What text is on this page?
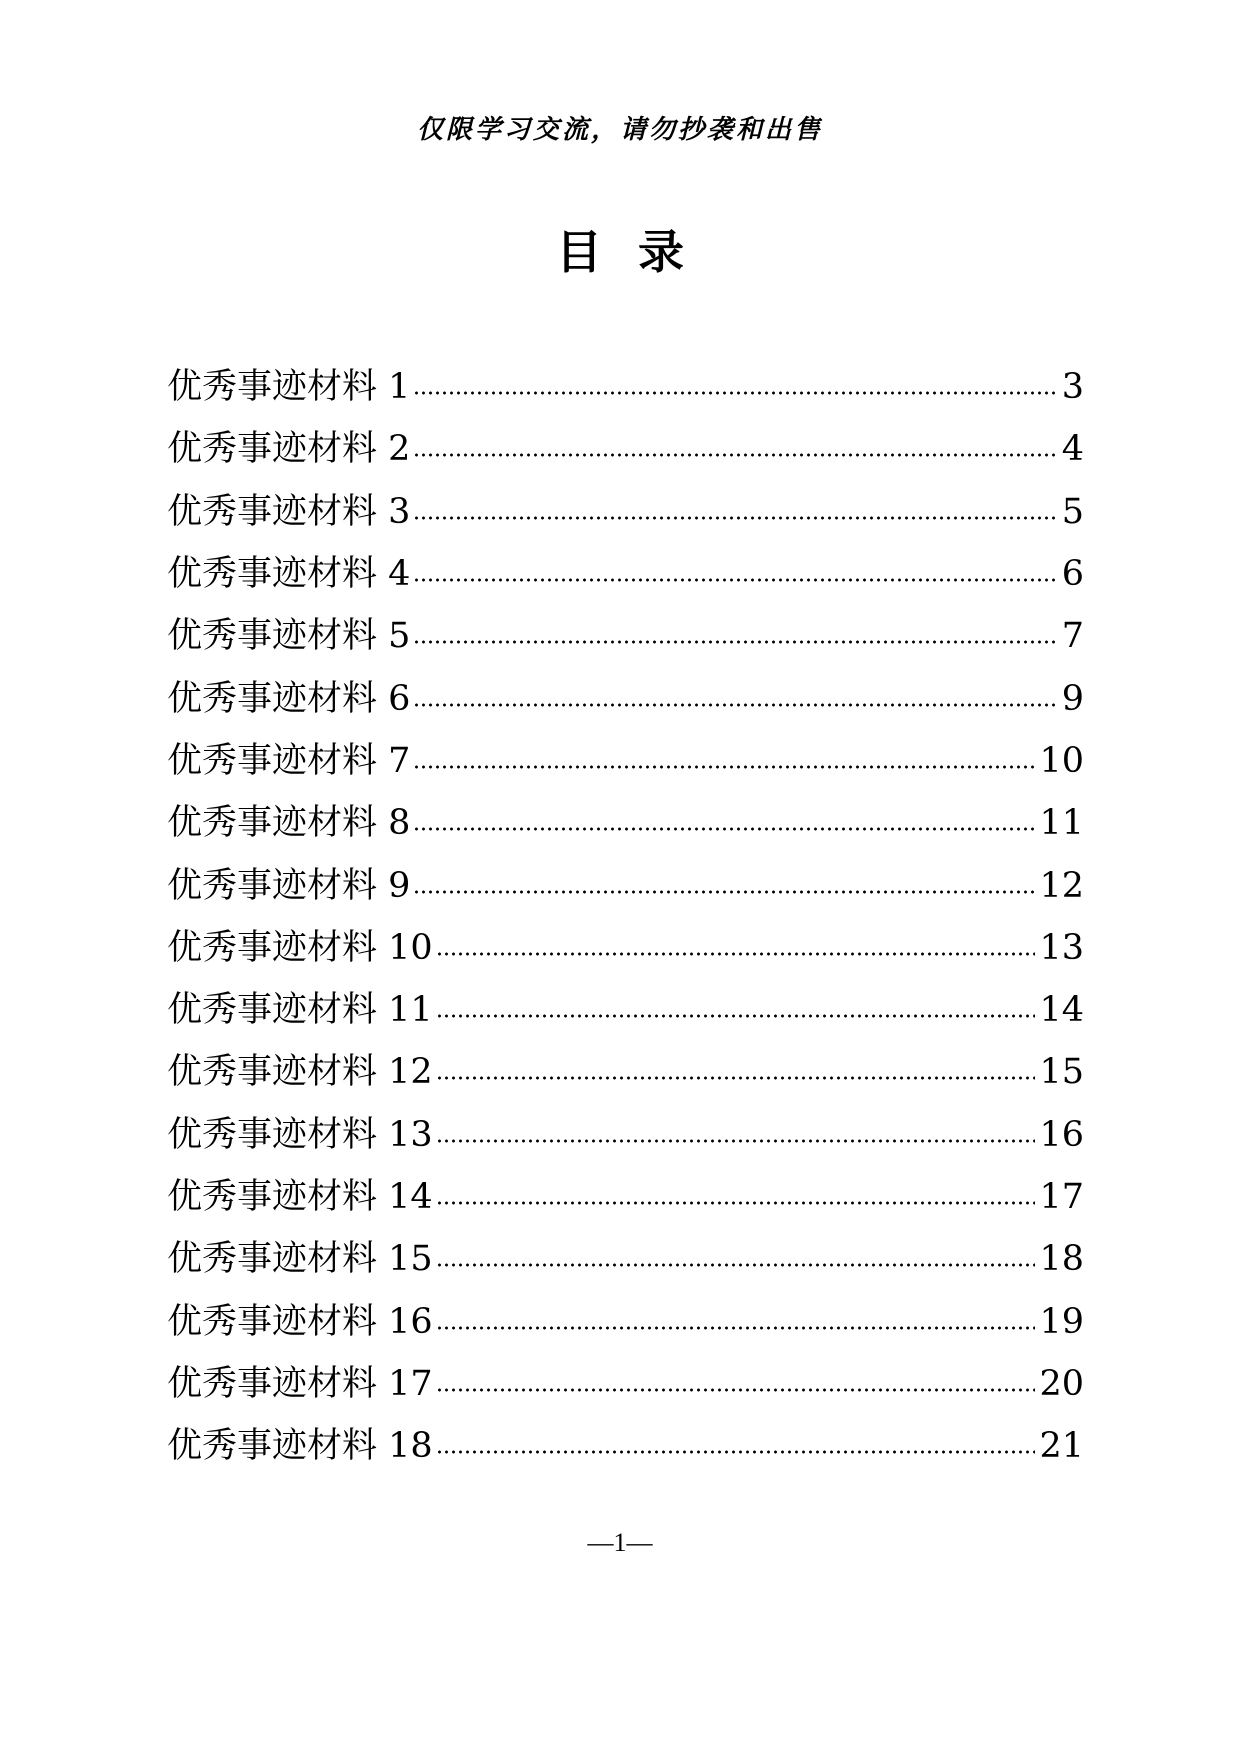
仅限学习交流，请勿抄袭和出售
目录
优秀事迹材料 1	3
优秀事迹材料 2	4
优秀事迹材料 3	5
优秀事迹材料 4	6
优秀事迹材料 5	7
优秀事迹材料 6	9
优秀事迹材料 7	10
优秀事迹材料 8	11
优秀事迹材料 9	12
优秀事迹材料 10	13
优秀事迹材料 11	14
优秀事迹材料 12	15
优秀事迹材料 13	16
优秀事迹材料 14	17
优秀事迹材料 15	18
优秀事迹材料 16	19
优秀事迹材料 17	20
优秀事迹材料 18	21
—1—
